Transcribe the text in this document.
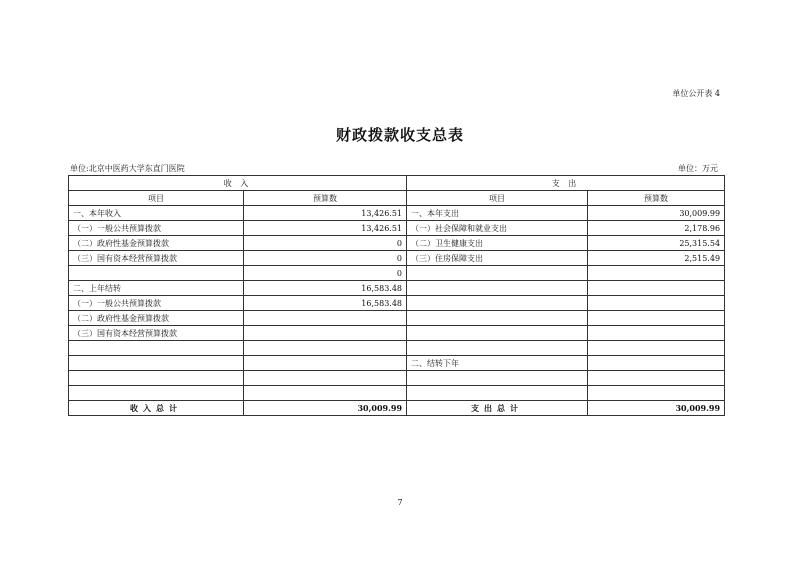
单位公开表 4
财政拨款收支总表
单位:北京中医药大学东直门医院	单位：万元
收 入		支 出	
项目	预算数	项目	预算数
一、本年收入	13,426.51	一、本年支出	30,009.99
（一）一般公共预算拨款	13,426.51	（一）社会保障和就业支出	2,178.96
（二）政府性基金预算拨款	0	（二）卫生健康支出	25,315.54
（三）国有资本经营预算拨款	0	（三）住房保障支出	2,515.49
	0		
二、上年结转	16,583.48		
（一）一般公共预算拨款	16,583.48		
（二）政府性基金预算拨款			
（三）国有资本经营预算拨款			

		二、结转下年	

收入总计	30,009.99	支出总计	30,009.99
7
